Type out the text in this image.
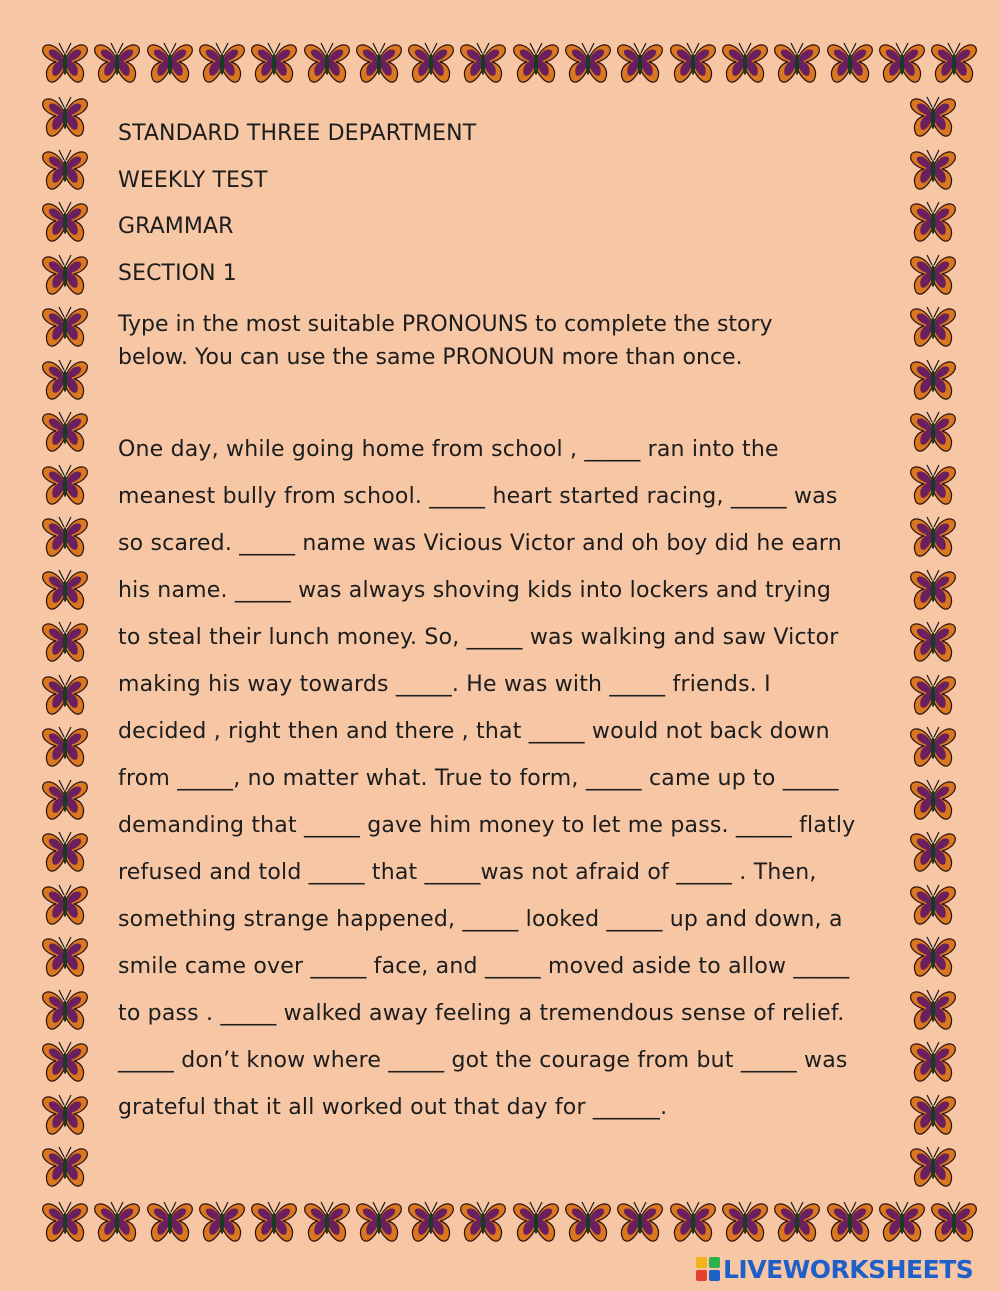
STANDARD THREE DEPARTMENT
WEEKLY TEST
GRAMMAR
SECTION 1
Type in the most suitable PRONOUNS to complete the story
below. You can use the same PRONOUN more than once.
One day, while going home from school , _____ ran into the
meanest bully from school. _____ heart started racing, _____ was
so scared. _____ name was Vicious Victor and oh boy did he earn
his name. _____ was always shoving kids into lockers and trying
to steal their lunch money. So, _____ was walking and saw Victor
making his way towards _____. He was with _____ friends. I
decided , right then and there , that _____ would not back down
from _____, no matter what. True to form, _____ came up to _____
demanding that _____ gave him money to let me pass. _____ flatly
refused and told _____ that _____was not afraid of _____ . Then,
something strange happened, _____ looked _____ up and down, a
smile came over _____ face, and _____ moved aside to allow _____
to pass . _____ walked away feeling a tremendous sense of relief.
_____ don’t know where _____ got the courage from but _____ was
grateful that it all worked out that day for ______.
LIVEWORKSHEETS
